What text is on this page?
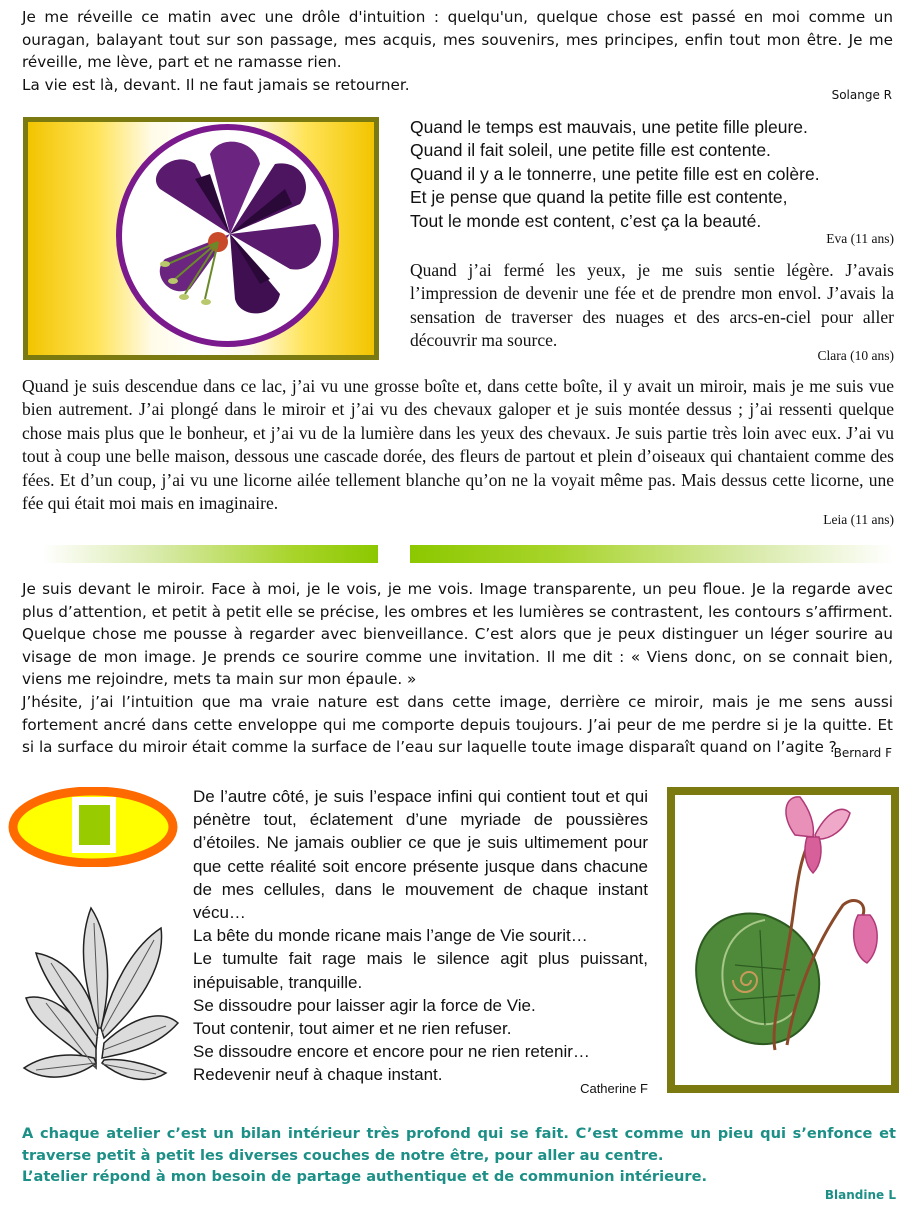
Je me réveille ce matin avec une drôle d'intuition : quelqu'un, quelque chose est passé en moi comme un ouragan, balayant tout sur son passage, mes acquis, mes souvenirs, mes principes, enfin tout mon être. Je me réveille, me lève, part et ne ramasse rien.

La vie est là, devant. Il ne faut jamais se retourner.

Solange R

Quand le temps est mauvais, une petite fille pleure.

Quand il fait soleil, une petite fille est contente.

Quand il y a le tonnerre, une petite fille est en colère.

Et je pense que quand la petite fille est contente,

Tout le monde est content, c’est ça la beauté.

Eva (11 ans)
Quand j’ai fermé les yeux, je me suis sentie légère. J’avais l’impression de devenir une fée et de prendre mon envol. J’avais la sensation de traverser des nuages et des arcs-en-ciel pour aller découvrir ma source.
Clara (10 ans)
Quand je suis descendue dans ce lac, j’ai vu une grosse boîte et, dans cette boîte, il y avait un miroir, mais je me suis vue bien autrement. J’ai plongé dans le miroir et j’ai vu des chevaux galoper et je suis montée dessus ; j’ai ressenti quelque chose mais plus que le bonheur, et j’ai vu de la lumière dans les yeux des chevaux. Je suis partie très loin avec eux. J’ai vu tout à coup une belle maison, dessous une cascade dorée, des fleurs de partout et plein d’oiseaux qui chantaient comme des fées. Et d’un coup, j’ai vu une licorne ailée tellement blanche qu’on ne la voyait même pas. Mais dessus cette licorne, une fée qui était moi mais en imaginaire.
Leia (11 ans)

Je suis devant le miroir. Face à moi, je le vois, je me vois. Image transparente, un peu floue. Je la regarde avec plus d’attention, et petit à petit elle se précise, les ombres et les lumières se contrastent, les contours s’affirment.

Quelque chose me pousse à regarder avec bienveillance. C’est alors que je peux distinguer un léger sourire au visage de mon image. Je prends ce sourire comme une invitation. Il me dit : « Viens donc, on se connait bien, viens me rejoindre, mets ta main sur mon épaule. »

J’hésite, j’ai l’intuition que ma vraie nature est dans cette image, derrière ce miroir, mais je me sens aussi fortement ancré dans cette enveloppe qui me comporte depuis toujours. J’ai peur de me perdre si je la quitte. Et si la surface du miroir était comme la surface de l’eau sur laquelle toute image disparaît quand on l’agite ?

Bernard F

De l’autre côté, je suis l’espace infini qui contient tout et qui pénètre tout, éclatement d’une myriade de poussières d’étoiles. Ne jamais oublier ce que je suis ultimement pour que cette réalité soit encore présente jusque dans chacune de mes cellules, dans le mouvement de chaque instant vécu…

La bête du monde ricane mais l’ange de Vie sourit…

Le tumulte fait rage mais le silence agit plus puissant, inépuisable, tranquille.

Se dissoudre pour laisser agir la force de Vie.

Tout contenir, tout aimer et ne rien refuser.

Se dissoudre encore et encore pour ne rien retenir…

Redevenir neuf à chaque instant.

Catherine F

A chaque atelier c’est un bilan intérieur très profond qui se fait. C’est comme un pieu qui s’enfonce et traverse petit à petit les diverses couches de notre être, pour aller au centre.

L’atelier répond à mon besoin de partage authentique et de communion intérieure.

Blandine L
